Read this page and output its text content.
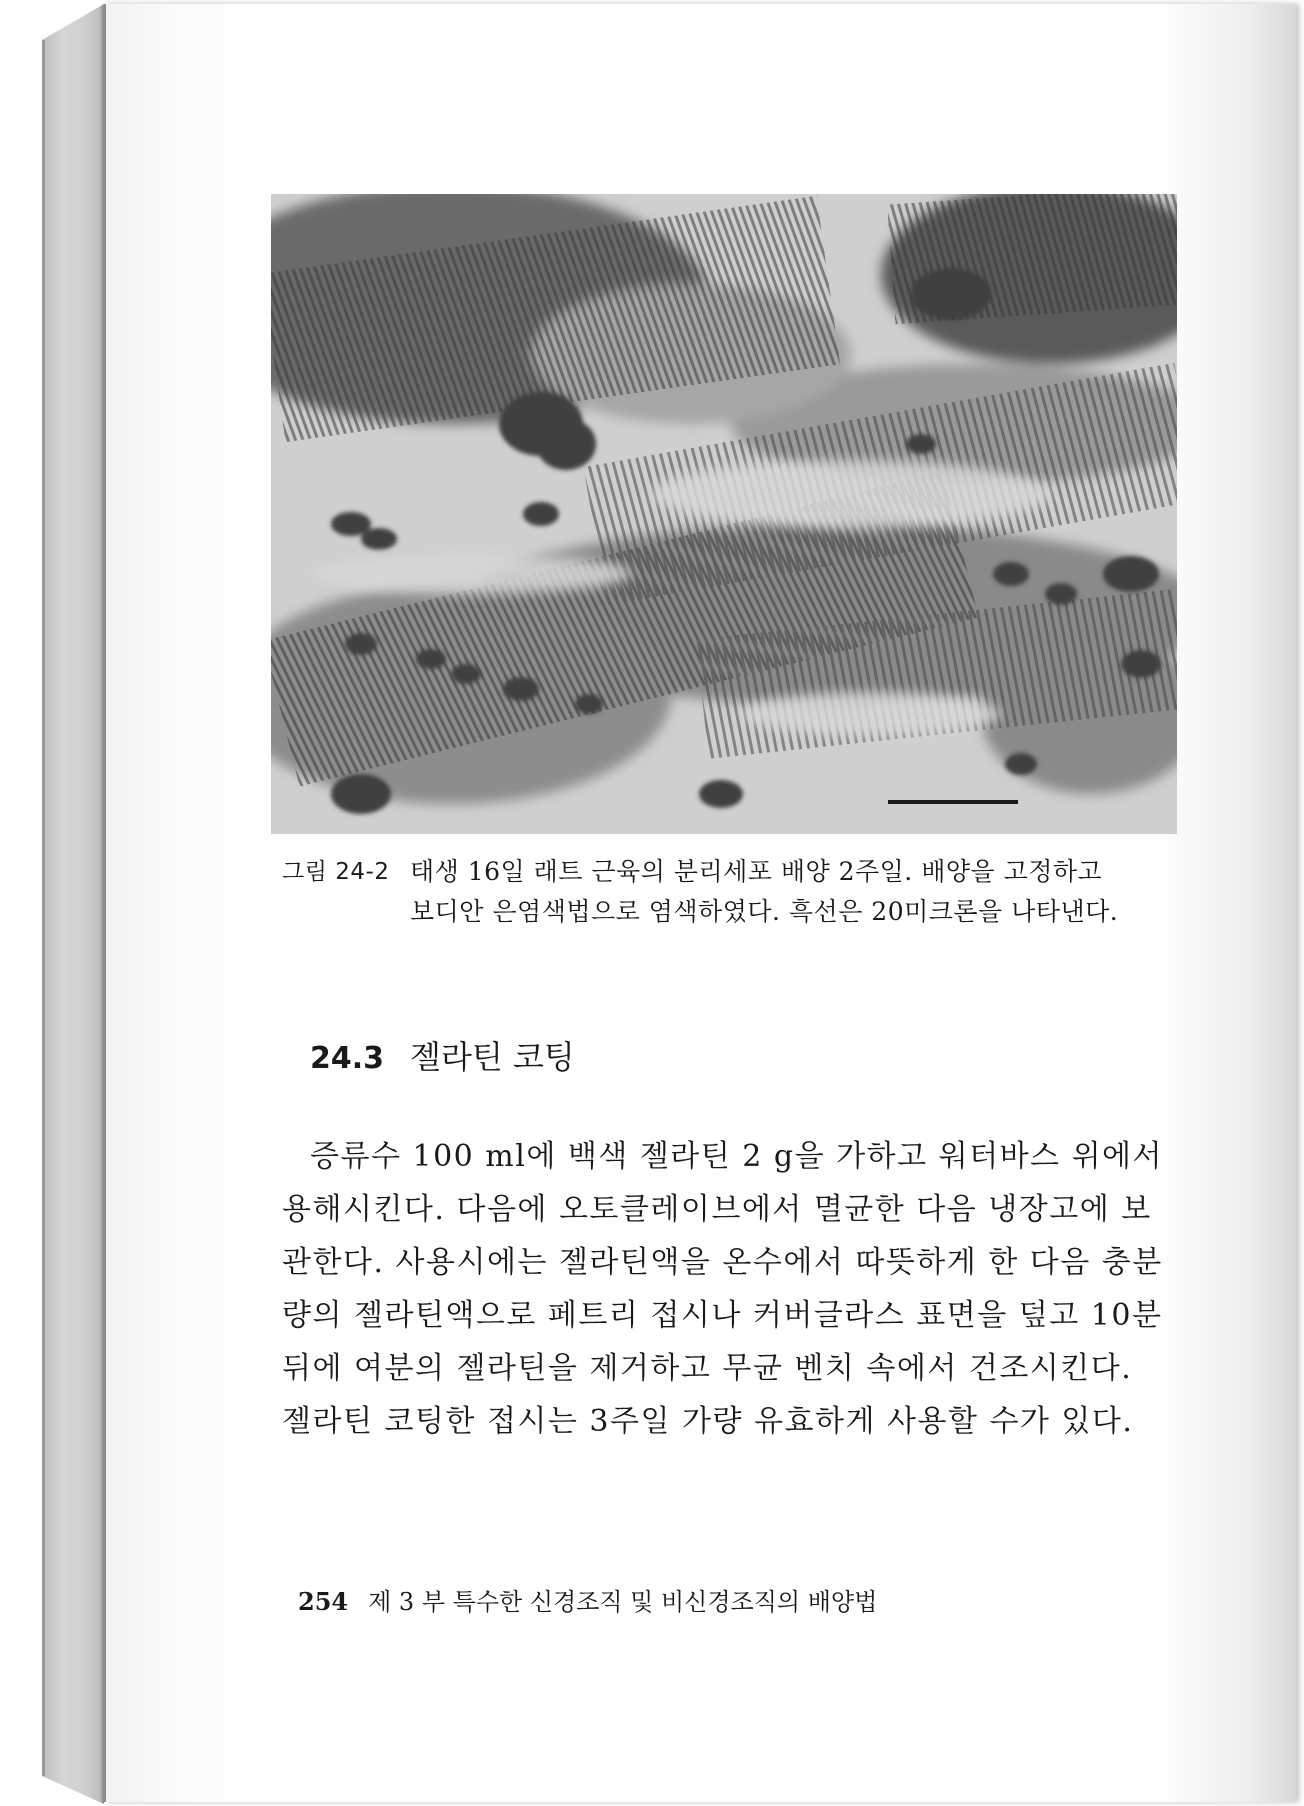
그림 24-2 태생 16일 래트 근육의 분리세포 배양 2주일. 배양을 고정하고
보디안 은염색법으로 염색하였다. 흑선은 20미크론을 나타낸다.
24.3 젤라틴 코팅
증류수 100 ml에 백색 젤라틴 2 g을 가하고 워터바스 위에서
용해시킨다. 다음에 오토클레이브에서 멸균한 다음 냉장고에 보
관한다. 사용시에는 젤라틴액을 온수에서 따뜻하게 한 다음 충분
량의 젤라틴액으로 페트리 접시나 커버글라스 표면을 덮고 10분
뒤에 여분의 젤라틴을 제거하고 무균 벤치 속에서 건조시킨다.
젤라틴 코팅한 접시는 3주일 가량 유효하게 사용할 수가 있다.
254 제 3 부 특수한 신경조직 및 비신경조직의 배양법
